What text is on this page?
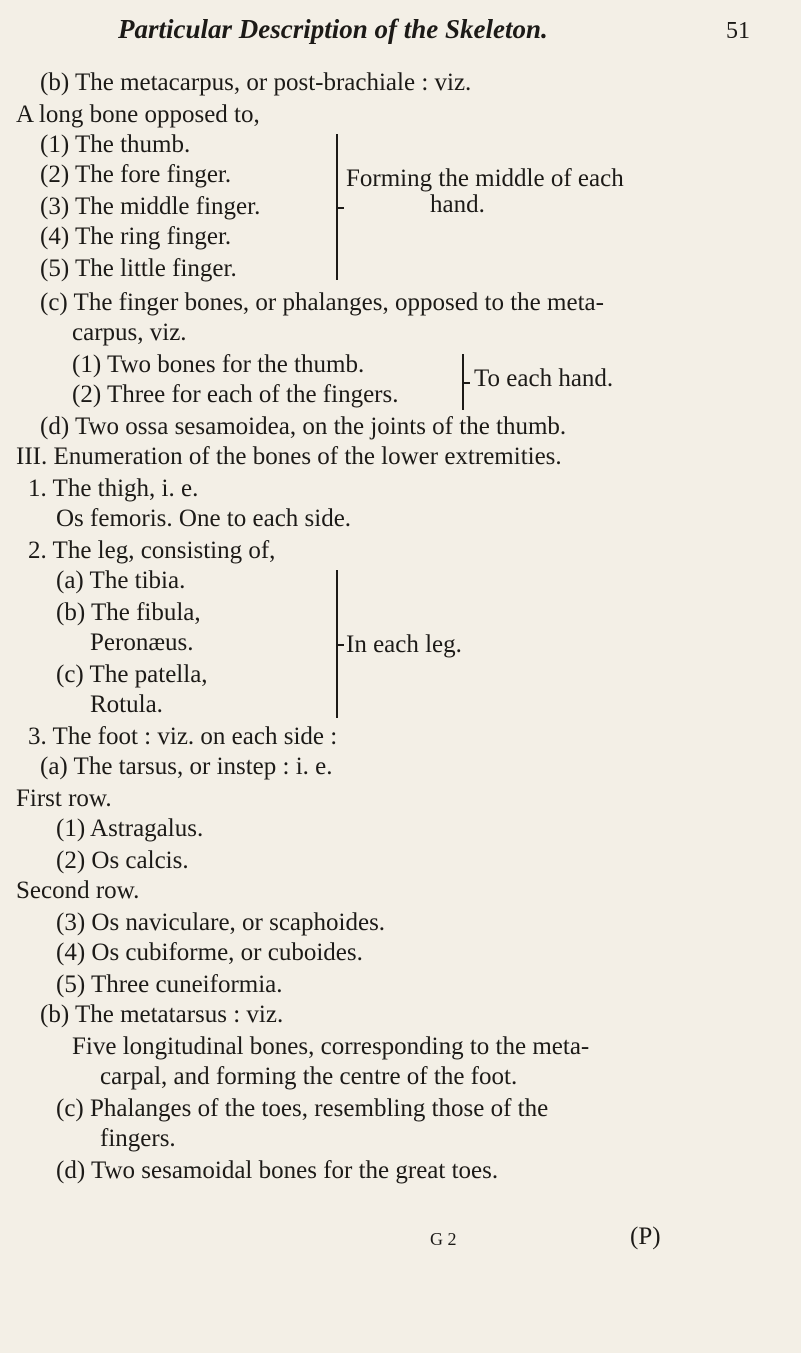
Particular Description of the Skeleton.	51
(b) The metacarpus, or post-brachiale : viz.
A long bone opposed to,
(1) The thumb.
(2) The fore finger.
(3) The middle finger.
(4) The ring finger.
(5) The little finger.
Forming the middle of each
hand.
(c) The finger bones, or phalanges, opposed to the meta-
carpus, viz.
(1) Two bones for the thumb.
(2) Three for each of the fingers.
To each hand.
(d) Two ossa sesamoidea, on the joints of the thumb.
III. Enumeration of the bones of the lower extremities.
1. The thigh, i. e.
Os femoris. One to each side.
2. The leg, consisting of,
(a) The tibia.
(b) The fibula,
Peronæus.
(c) The patella,
Rotula.
In each leg.
3. The foot : viz. on each side :
(a) The tarsus, or instep : i. e.
First row.
(1) Astragalus.
(2) Os calcis.
Second row.
(3) Os naviculare, or scaphoides.
(4) Os cubiforme, or cuboides.
(5) Three cuneiformia.
(b) The metatarsus : viz.
Five longitudinal bones, corresponding to the meta-
carpal, and forming the centre of the foot.
(c) Phalanges of the toes, resembling those of the
fingers.
(d) Two sesamoidal bones for the great toes.
G 2	(P)
